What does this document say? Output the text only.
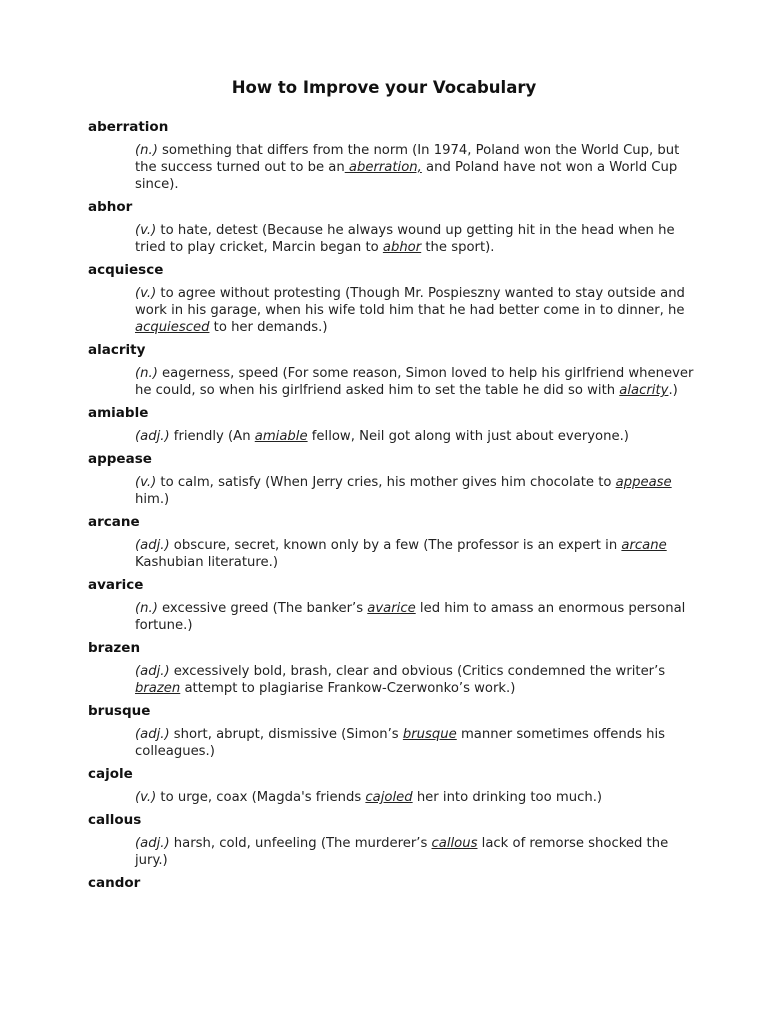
How to Improve your Vocabulary
aberration
(n.) something that differs from the norm (In 1974, Poland won the World Cup, but the success turned out to be an aberration, and Poland have not won a World Cup since).
abhor
(v.) to hate, detest (Because he always wound up getting hit in the head when he tried to play cricket, Marcin began to abhor the sport).
acquiesce
(v.) to agree without protesting (Though Mr. Pospieszny wanted to stay outside and work in his garage, when his wife told him that he had better come in to dinner, he acquiesced to her demands.)
alacrity
(n.) eagerness, speed (For some reason, Simon loved to help his girlfriend whenever he could, so when his girlfriend asked him to set the table he did so with alacrity.)
amiable
(adj.) friendly (An amiable fellow, Neil got along with just about everyone.)
appease
(v.) to calm, satisfy (When Jerry cries, his mother gives him chocolate to appease him.)
arcane
(adj.) obscure, secret, known only by a few (The professor is an expert in arcane Kashubian literature.)
avarice
(n.) excessive greed (The banker’s avarice led him to amass an enormous personal fortune.)
brazen
(adj.) excessively bold, brash, clear and obvious (Critics condemned the writer’s brazen attempt to plagiarise Frankow-Czerwonko’s work.)
brusque
(adj.) short, abrupt, dismissive (Simon’s brusque manner sometimes offends his colleagues.)
cajole
(v.) to urge, coax (Magda's friends cajoled her into drinking too much.)
callous
(adj.) harsh, cold, unfeeling (The murderer’s callous lack of remorse shocked the jury.)
candor
